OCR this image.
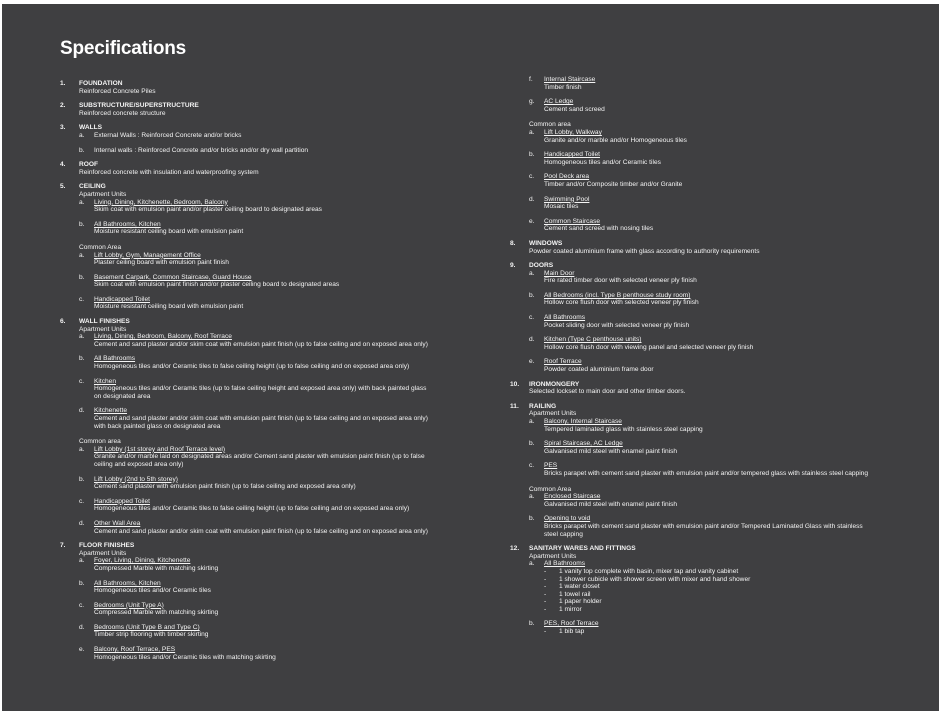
Specifications
1.	FOUNDATION
Reinforced Concrete Piles
2.	SUBSTRUCTURE/SUPERSTRUCTURE
Reinforced concrete structure
3.	WALLS
a.	External Walls : Reinforced Concrete and/or bricks
b.	Internal walls : Reinforced Concrete and/or bricks and/or dry wall partition
4.	ROOF
Reinforced concrete with insulation and waterproofing system
5.	CEILING
Apartment Units
a.	Living, Dining, Kitchenette, Bedroom, Balcony
Skim coat with emulsion paint and/or plaster ceiling board to designated areas
b.	All Bathrooms, Kitchen
Moisture resistant ceiling board with emulsion paint
Common Area
a.	Lift Lobby, Gym, Management Office
Plaster ceiling board with emulsion paint finish
b.	Basement Carpark, Common Staircase, Guard House
Skim coat with emulsion paint finish and/or plaster ceiling board to designated areas
c.	Handicapped Toilet
Moisture resistant ceiling board with emulsion paint
6.	WALL FINISHES
Apartment Units
a.	Living, Dining, Bedroom, Balcony, Roof Terrace
Cement and sand plaster and/or skim coat with emulsion paint finish (up to false ceiling and on exposed area only)
b.	All Bathrooms
Homogeneous tiles and/or Ceramic tiles to false ceiling height (up to false ceiling and on exposed area only)
c.	Kitchen
Homogeneous tiles and/or Ceramic tiles (up to false ceiling height and exposed area only) with back painted glass on designated area
d.	Kitchenette
Cement and sand plaster and/or skim coat with emulsion paint finish (up to false ceiling and on exposed area only) with back painted glass on designated area
Common area
a.	Lift Lobby (1st storey and Roof Terrace level)
Granite and/or marble laid on designated areas and/or Cement sand plaster with emulsion paint finish (up to false ceiling and exposed area only)
b.	Lift Lobby (2nd to 5th storey)
Cement sand plaster with emulsion paint finish (up to false ceiling and exposed area only)
c.	Handicapped Toilet
Homogeneous tiles and/or Ceramic tiles to false ceiling height (up to false ceiling and on exposed area only)
d.	Other Wall Area
Cement and sand plaster and/or skim coat with emulsion paint finish (up to false ceiling and on exposed area only)
7.	FLOOR FINISHES
Apartment Units
a.	Foyer, Living, Dining, Kitchenette
Compressed Marble with matching skirting
b.	All Bathrooms, Kitchen
Homogeneous tiles and/or Ceramic tiles
c.	Bedrooms (Unit Type A)
Compressed Marble with matching skirting
d.	Bedrooms (Unit Type B and Type C)
Timber strip flooring with timber skirting
e.	Balcony, Roof Terrace, PES
Homogeneous tiles and/or Ceramic tiles with matching skirting
f.	Internal Staircase
Timber finish
g.	AC Ledge
Cement sand screed
Common area
a.	Lift Lobby, Walkway
Granite and/or marble and/or Homogeneous tiles
b.	Handicapped Toilet
Homogeneous tiles and/or Ceramic tiles
c.	Pool Deck area
Timber and/or Composite timber and/or Granite
d.	Swimming Pool
Mosaic tiles
e.	Common Staircase
Cement sand screed with nosing tiles
8.	WINDOWS
Powder coated aluminium frame with glass according to authority requirements
9.	DOORS
a.	Main Door
Fire rated timber door with selected veneer ply finish
b.	All Bedrooms (incl. Type B penthouse study room)
Hollow core flush door with selected veneer ply finish
c.	All Bathrooms
Pocket sliding door with selected veneer ply finish
d.	Kitchen (Type C penthouse units)
Hollow core flush door with viewing panel and selected veneer ply finish
e.	Roof Terrace
Powder coated aluminium frame door
10.	IRONMONGERY
Selected lockset to main door and other timber doors.
11.	RAILING
Apartment Units
a.	Balcony, Internal Staircase
Tempered laminated glass with stainless steel capping
b.	Spiral Staircase, AC Ledge
Galvanised mild steel with enamel paint finish
c.	PES
Bricks parapet with cement sand plaster with emulsion paint and/or tempered glass with stainless steel capping
Common Area
a.	Enclosed Staircase
Galvanised mild steel with enamel paint finish
b.	Opening to void
Bricks parapet with cement sand plaster with emulsion paint and/or Tempered Laminated Glass with stainless steel capping
12.	SANITARY WARES AND FITTINGS
Apartment Units
a.	All Bathrooms
-	1 vanity top complete with basin, mixer tap and vanity cabinet
-	1 shower cubicle with shower screen with mixer and hand shower
-	1 water closet
-	1 towel rail
-	1 paper holder
-	1 mirror
b.	PES, Roof Terrace
-	1 bib tap
